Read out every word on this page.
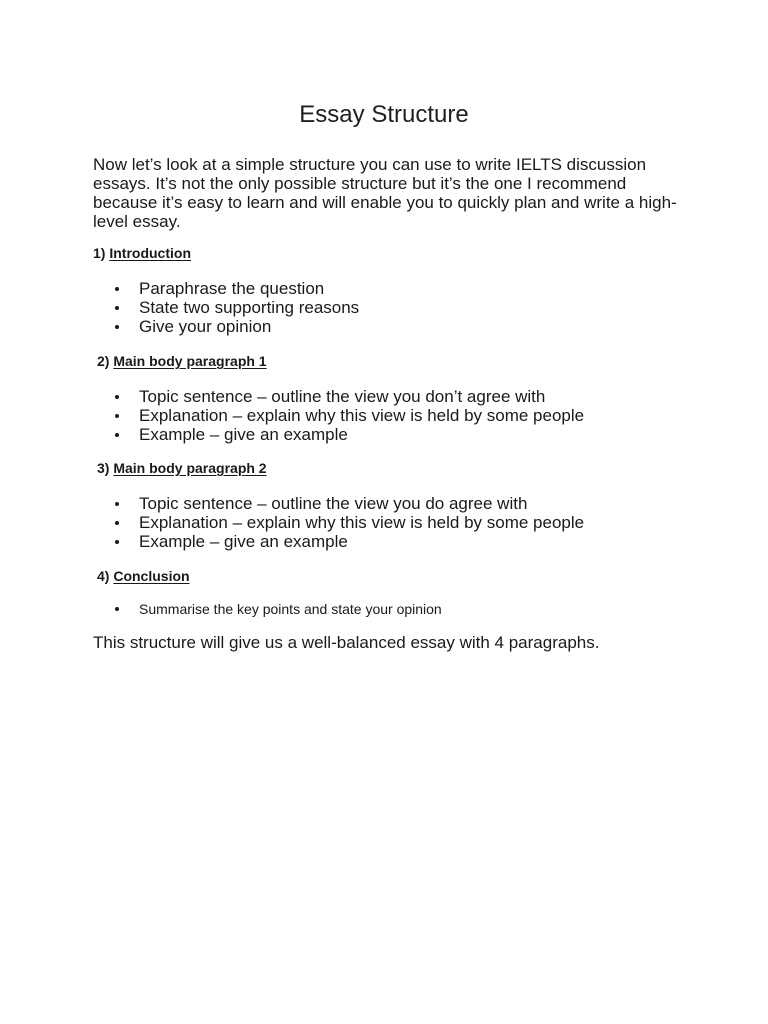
Essay Structure

Now let’s look at a simple structure you can use to write IELTS discussion essays. It’s not the only possible structure but it’s the one I recommend because it’s easy to learn and will enable you to quickly plan and write a high-level essay.

1) Introduction

Paraphrase the question
State two supporting reasons
Give your opinion

2) Main body paragraph 1

Topic sentence – outline the view you don’t agree with
Explanation – explain why this view is held by some people
Example – give an example

3) Main body paragraph 2

Topic sentence – outline the view you do agree with
Explanation – explain why this view is held by some people
Example – give an example

4) Conclusion

Summarise the key points and state your opinion

This structure will give us a well-balanced essay with 4 paragraphs.
